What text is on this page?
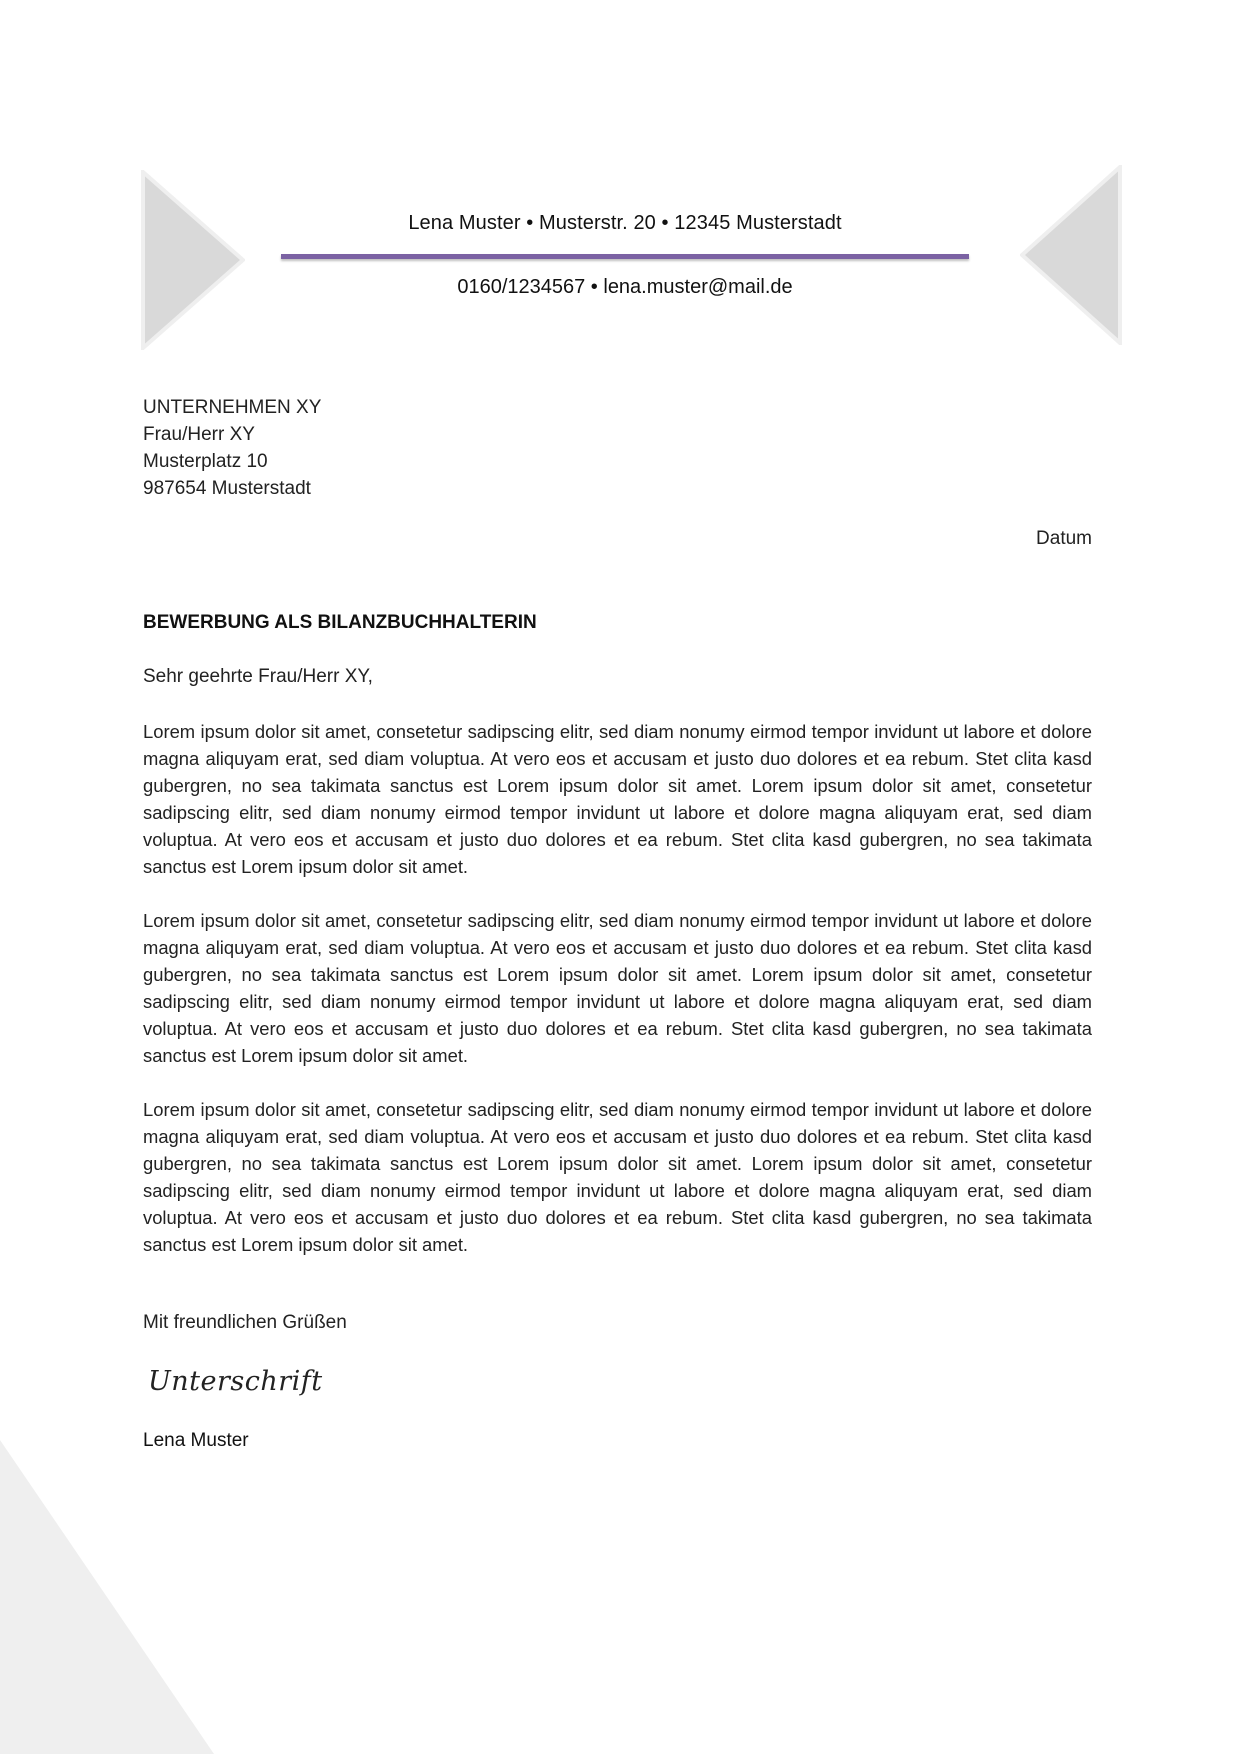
Lena Muster • Musterstr. 20 • 12345 Musterstadt
0160/1234567 • lena.muster@mail.de
UNTERNEHMEN XY
Frau/Herr XY
Musterplatz 10
987654 Musterstadt
Datum
BEWERBUNG ALS BILANZBUCHHALTERIN
Sehr geehrte Frau/Herr XY,

Lorem ipsum dolor sit amet, consetetur sadipscing elitr, sed diam nonumy eirmod tempor invidunt ut labore et dolore magna aliquyam erat, sed diam voluptua. At vero eos et accusam et justo duo dolores et ea rebum. Stet clita kasd gubergren, no sea takimata sanctus est Lorem ipsum dolor sit amet. Lorem ipsum dolor sit amet, consetetur sadipscing elitr, sed diam nonumy eirmod tempor invidunt ut labore et dolore magna aliquyam erat, sed diam voluptua. At vero eos et accusam et justo duo dolores et ea rebum. Stet clita kasd gubergren, no sea takimata sanctus est Lorem ipsum dolor sit amet.

Lorem ipsum dolor sit amet, consetetur sadipscing elitr, sed diam nonumy eirmod tempor invidunt ut labore et dolore magna aliquyam erat, sed diam voluptua. At vero eos et accusam et justo duo dolores et ea rebum. Stet clita kasd gubergren, no sea takimata sanctus est Lorem ipsum dolor sit amet. Lorem ipsum dolor sit amet, consetetur sadipscing elitr, sed diam nonumy eirmod tempor invidunt ut labore et dolore magna aliquyam erat, sed diam voluptua. At vero eos et accusam et justo duo dolores et ea rebum. Stet clita kasd gubergren, no sea takimata sanctus est Lorem ipsum dolor sit amet.

Lorem ipsum dolor sit amet, consetetur sadipscing elitr, sed diam nonumy eirmod tempor invidunt ut labore et dolore magna aliquyam erat, sed diam voluptua. At vero eos et accusam et justo duo dolores et ea rebum. Stet clita kasd gubergren, no sea takimata sanctus est Lorem ipsum dolor sit amet. Lorem ipsum dolor sit amet, consetetur sadipscing elitr, sed diam nonumy eirmod tempor invidunt ut labore et dolore magna aliquyam erat, sed diam voluptua. At vero eos et accusam et justo duo dolores et ea rebum. Stet clita kasd gubergren, no sea takimata sanctus est Lorem ipsum dolor sit amet.

Mit freundlichen Grüßen
Unterschrift
Lena Muster
